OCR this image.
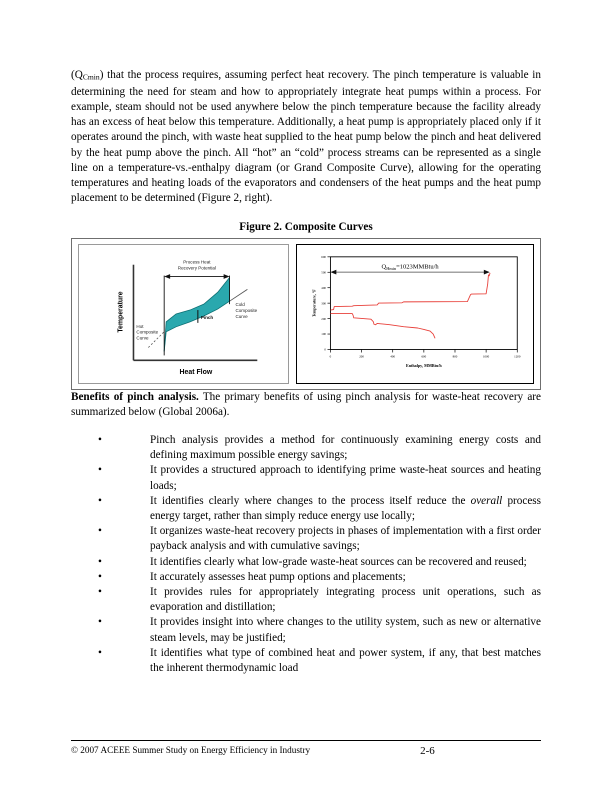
$(Q_{Cmin})$ that the process requires, assuming perfect heat recovery. The pinch temperature is valuable in determining the need for steam and how to appropriately integrate heat pumps within a process. For example, steam should not be used anywhere below the pinch temperature because the facility already has an excess of heat below this temperature. Additionally, a heat pump is appropriately placed only if it operates around the pinch, with waste heat supplied to the heat pump below the pinch and heat delivered by the heat pump above the pinch. All “hot” an “cold” process streams can be represented as a single line on a temperature-vs.-enthalpy diagram (or Grand Composite Curve), allowing for the operating temperatures and heating loads of the evaporators and condensers of the heat pumps and the heat pump placement to be determined (Figure 2, right).

Figure 2. Composite Curves
Process Heat
Recovery Potential
Hot
Composite
Curve
Cold
Composite
Curve
Pinch
Temperature
Heat Flow
600
500
400
300
200
100
0
0	200	400	600	800	1000	1200
$Q_{Hmin}=1023MMBtu/h$
Temperature, °F
Enthalpy, MMBtu/h

Benefits of pinch analysis. The primary benefits of using pinch analysis for waste-heat recovery are summarized below (Global 2006a).

•	Pinch analysis provides a method for continuously examining energy costs and defining maximum possible energy savings;
•	It provides a structured approach to identifying prime waste-heat sources and heating loads;
•	It identifies clearly where changes to the process itself reduce the overall process energy target, rather than simply reduce energy use locally;
•	It organizes waste-heat recovery projects in phases of implementation with a first order payback analysis and with cumulative savings;
•	It identifies clearly what low-grade waste-heat sources can be recovered and reused;
•	It accurately assesses heat pump options and placements;
•	It provides rules for appropriately integrating process unit operations, such as evaporation and distillation;
•	It provides insight into where changes to the utility system, such as new or alternative steam levels, may be justified;
•	It identifies what type of combined heat and power system, if any, that best matches the inherent thermodynamic load
© 2007 ACEEE Summer Study on Energy Efficiency in Industry	2-6
